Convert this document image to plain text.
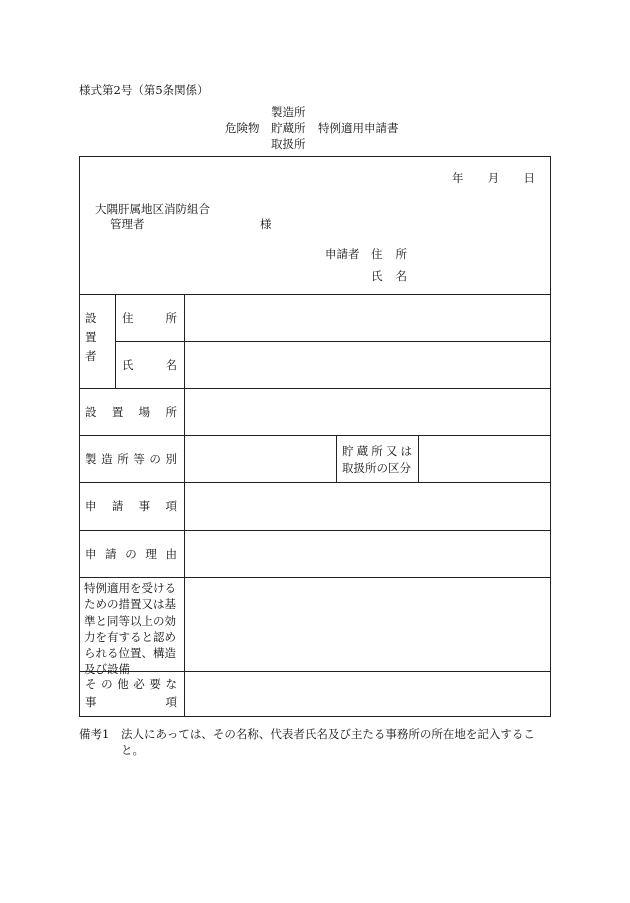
様式第2号（第5条関係）
製造所
危険物 貯蔵所 特例適用申請書
取扱所
年 月 日
大隅肝属地区消防組合
管理者	様
申請者 住 所
氏 名
設
置
者
住	所
氏	名
設 置 場 所
製 造 所 等 の 別
貯 蔵 所 又 は
取扱所の区分
申 請 事 項
申 請 の 理 由
特例適用を受けるための措置又は基準と同等以上の効力を有すると認められる位置、構造及び設備
そ の 他 必 要 な
事	項
備考1 法人にあっては、その名称、代表者氏名及び主たる事務所の所在地を記入するこ
と。
